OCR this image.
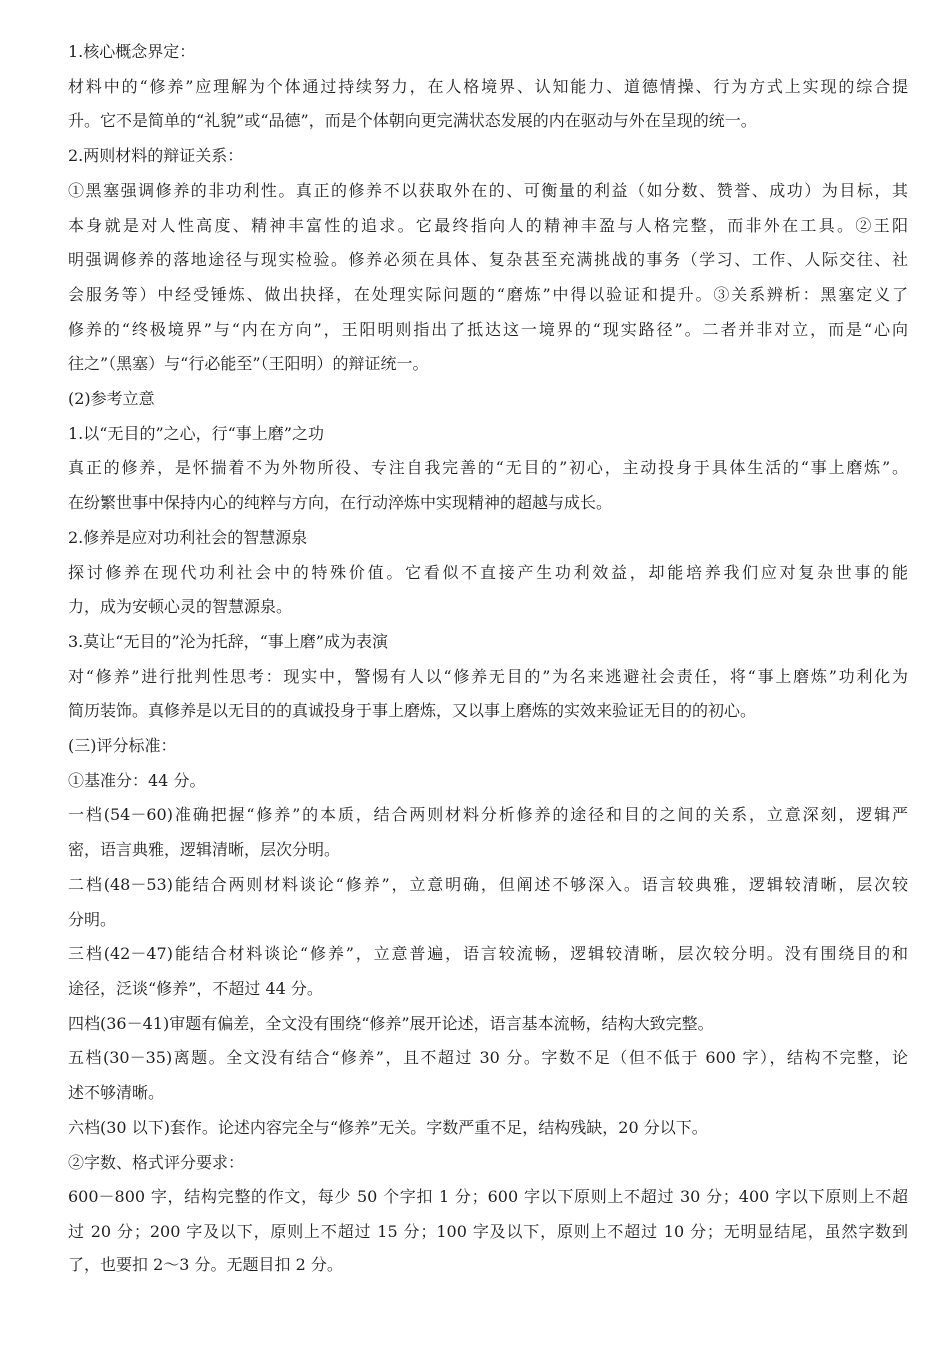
1.核心概念界定：
材料中的“修养”应理解为个体通过持续努力，在人格境界、认知能力、道德情操、行为方式上实现的综合提
升。它不是简单的“礼貌”或“品德”，而是个体朝向更完满状态发展的内在驱动与外在呈现的统一。
2.两则材料的辩证关系：
①黑塞强调修养的非功利性。真正的修养不以获取外在的、可衡量的利益（如分数、赞誉、成功）为目标，其
本身就是对人性高度、精神丰富性的追求。它最终指向人的精神丰盈与人格完整，而非外在工具。②王阳
明强调修养的落地途径与现实检验。修养必须在具体、复杂甚至充满挑战的事务（学习、工作、人际交往、社
会服务等）中经受锤炼、做出抉择，在处理实际问题的“磨炼”中得以验证和提升。③关系辨析：黑塞定义了
修养的“终极境界”与“内在方向”，王阳明则指出了抵达这一境界的“现实路径”。二者并非对立，而是“心向
往之”（黑塞）与“行必能至”（王阳明）的辩证统一。
(2)参考立意
1.以“无目的”之心，行“事上磨”之功
真正的修养，是怀揣着不为外物所役、专注自我完善的“无目的”初心，主动投身于具体生活的“事上磨炼”。
在纷繁世事中保持内心的纯粹与方向，在行动淬炼中实现精神的超越与成长。
2.修养是应对功利社会的智慧源泉
探讨修养在现代功利社会中的特殊价值。它看似不直接产生功利效益，却能培养我们应对复杂世事的能
力，成为安顿心灵的智慧源泉。
3.莫让“无目的”沦为托辞，“事上磨”成为表演
对“修养”进行批判性思考：现实中，警惕有人以“修养无目的”为名来逃避社会责任，将“事上磨炼”功利化为
简历装饰。真修养是以无目的的真诚投身于事上磨炼，又以事上磨炼的实效来验证无目的的初心。
(三)评分标准：
①基准分：44 分。
一档(54－60)准确把握“修养”的本质，结合两则材料分析修养的途径和目的之间的关系，立意深刻，逻辑严
密，语言典雅，逻辑清晰，层次分明。
二档(48－53)能结合两则材料谈论“修养”，立意明确，但阐述不够深入。语言较典雅，逻辑较清晰，层次较
分明。
三档(42－47)能结合材料谈论“修养”，立意普遍，语言较流畅，逻辑较清晰，层次较分明。没有围绕目的和
途径，泛谈“修养”，不超过 44 分。
四档(36－41)审题有偏差，全文没有围绕“修养”展开论述，语言基本流畅，结构大致完整。
五档(30－35)离题。全文没有结合“修养”，且不超过 30 分。字数不足（但不低于 600 字），结构不完整，论
述不够清晰。
六档(30 以下)套作。论述内容完全与“修养”无关。字数严重不足，结构残缺，20 分以下。
②字数、格式评分要求：
600－800 字，结构完整的作文，每少 50 个字扣 1 分；600 字以下原则上不超过 30 分；400 字以下原则上不超
过 20 分；200 字及以下，原则上不超过 15 分；100 字及以下，原则上不超过 10 分；无明显结尾，虽然字数到
了，也要扣 2～3 分。无题目扣 2 分。
